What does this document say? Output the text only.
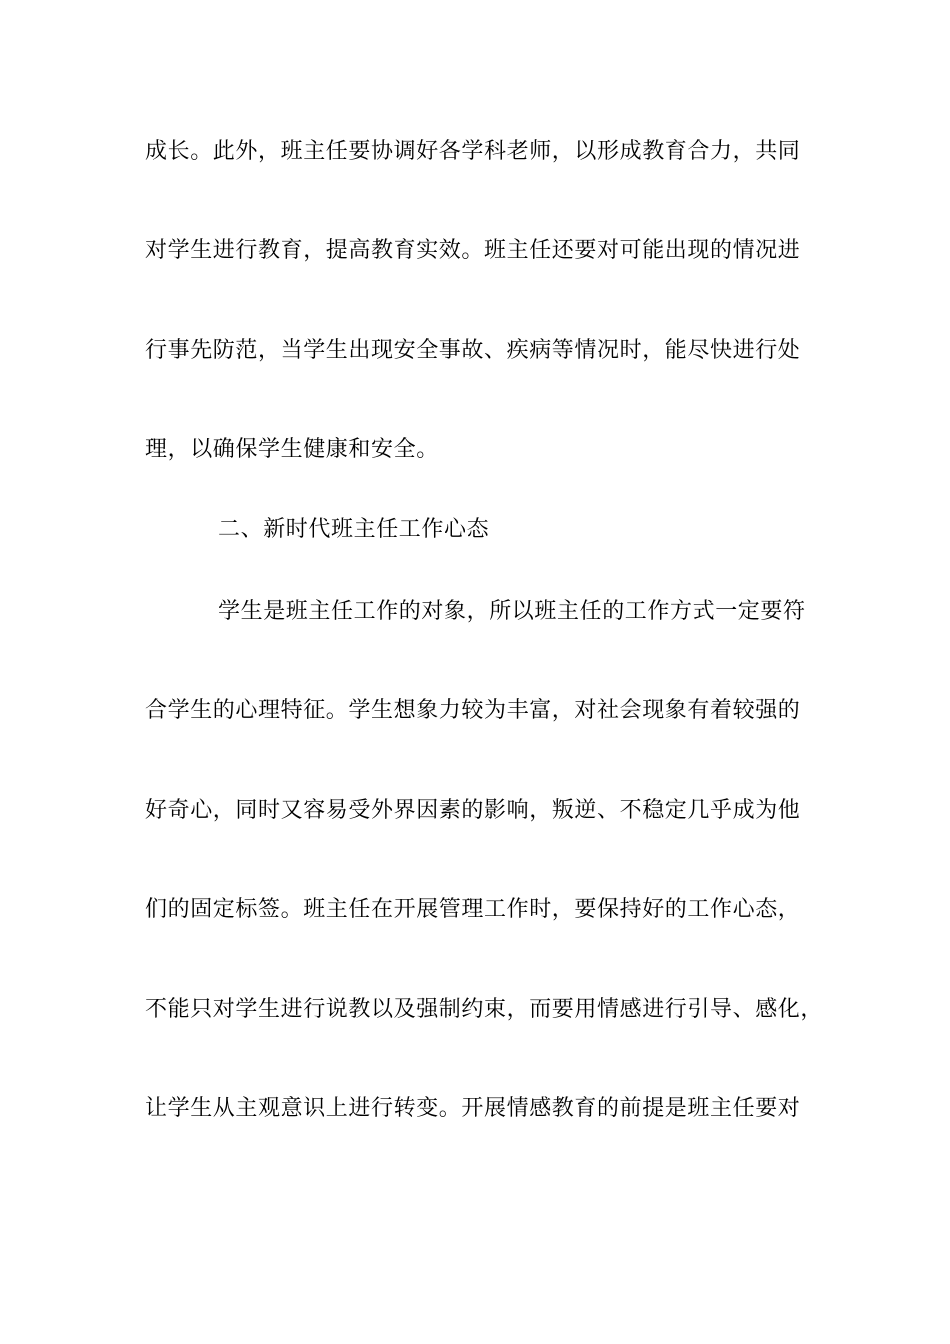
成长。此外，班主任要协调好各学科老师，以形成教育合力，共同
对学生进行教育，提高教育实效。班主任还要对可能出现的情况进
行事先防范，当学生出现安全事故、疾病等情况时，能尽快进行处
理，以确保学生健康和安全。
二、新时代班主任工作心态
学生是班主任工作的对象，所以班主任的工作方式一定要符
合学生的心理特征。学生想象力较为丰富，对社会现象有着较强的
好奇心，同时又容易受外界因素的影响，叛逆、不稳定几乎成为他
们的固定标签。班主任在开展管理工作时，要保持好的工作心态，
不能只对学生进行说教以及强制约束，而要用情感进行引导、感化，
让学生从主观意识上进行转变。开展情感教育的前提是班主任要对
